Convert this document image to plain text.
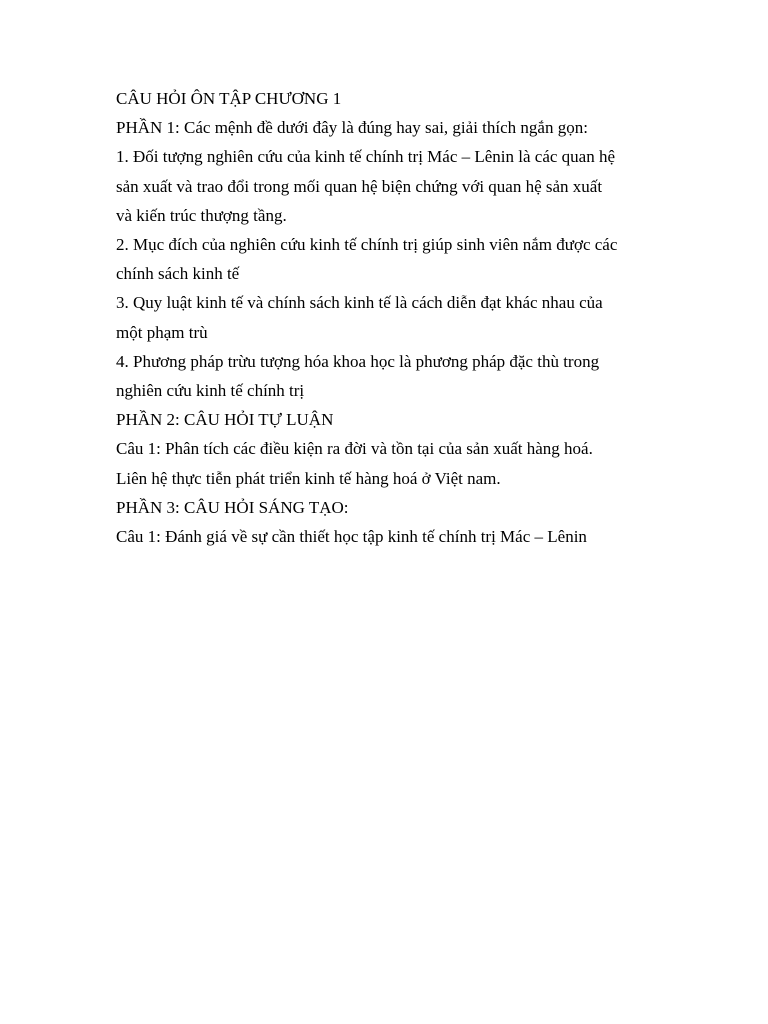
CÂU HỎI ÔN TẬP CHƯƠNG 1

PHẦN 1: Các mệnh đề dưới đây là đúng hay sai, giải thích ngắn gọn:

1. Đối tượng nghiên cứu của kinh tế chính trị Mác – Lênin là các quan hệ
sản xuất và trao đổi trong mối quan hệ biện chứng với quan hệ sản xuất
và kiến trúc thượng tầng.

2. Mục đích của nghiên cứu kinh tế chính trị giúp sinh viên nắm được các
chính sách kinh tế

3. Quy luật kinh tế và chính sách kinh tế là cách diễn đạt khác nhau của
một phạm trù

4. Phương pháp trừu tượng hóa khoa học là phương pháp đặc thù trong
nghiên cứu kinh tế chính trị

PHẦN 2: CÂU HỎI TỰ LUẬN

Câu 1: Phân tích các điều kiện ra đời và tồn tại của sản xuất hàng hoá.
Liên hệ thực tiễn phát triển kinh tế hàng hoá ở Việt nam.

PHẦN 3: CÂU HỎI SÁNG TẠO:

Câu 1: Đánh giá về sự cần thiết học tập kinh tế chính trị Mác – Lênin
